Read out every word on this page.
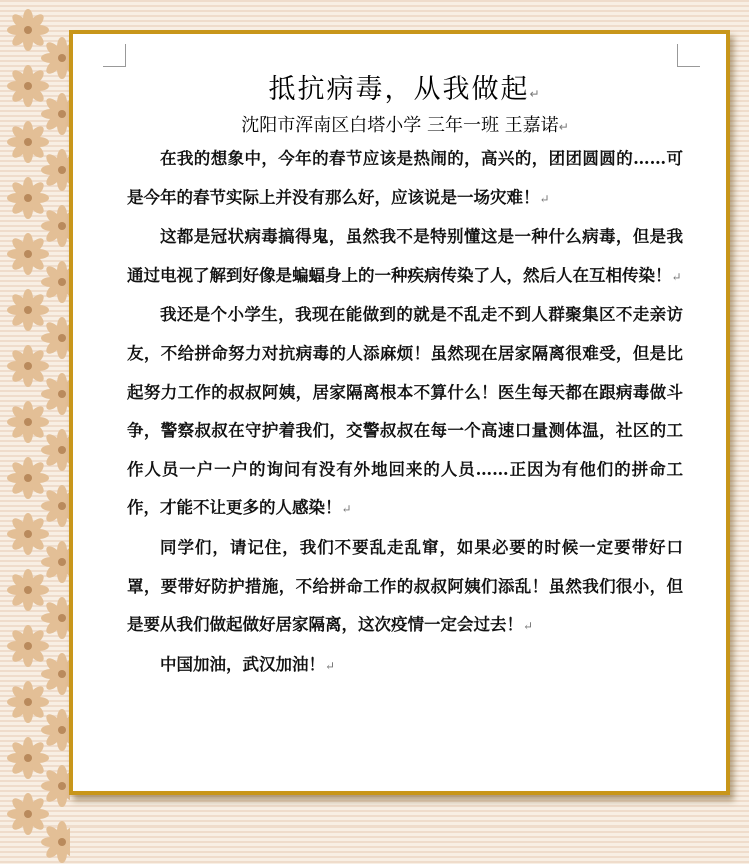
抵抗病毒，从我做起↵
沈阳市浑南区白塔小学 三年一班 王嘉诺↵

在我的想象中，今年的春节应该是热闹的，高兴的，团团圆圆的……可是今年的春节实际上并没有那么好，应该说是一场灾难！↵

这都是冠状病毒搞得鬼，虽然我不是特别懂这是一种什么病毒，但是我通过电视了解到好像是蝙蝠身上的一种疾病传染了人，然后人在互相传染！↵

我还是个小学生，我现在能做到的就是不乱走不到人群聚集区不走亲访友，不给拼命努力对抗病毒的人添麻烦！虽然现在居家隔离很难受，但是比起努力工作的叔叔阿姨，居家隔离根本不算什么！医生每天都在跟病毒做斗争，警察叔叔在守护着我们，交警叔叔在每一个高速口量测体温，社区的工作人员一户一户的询问有没有外地回来的人员……正因为有他们的拼命工作，才能不让更多的人感染！↵

同学们，请记住，我们不要乱走乱窜，如果必要的时候一定要带好口罩，要带好防护措施，不给拼命工作的叔叔阿姨们添乱！虽然我们很小，但是要从我们做起做好居家隔离，这次疫情一定会过去！↵

中国加油，武汉加油！↵
